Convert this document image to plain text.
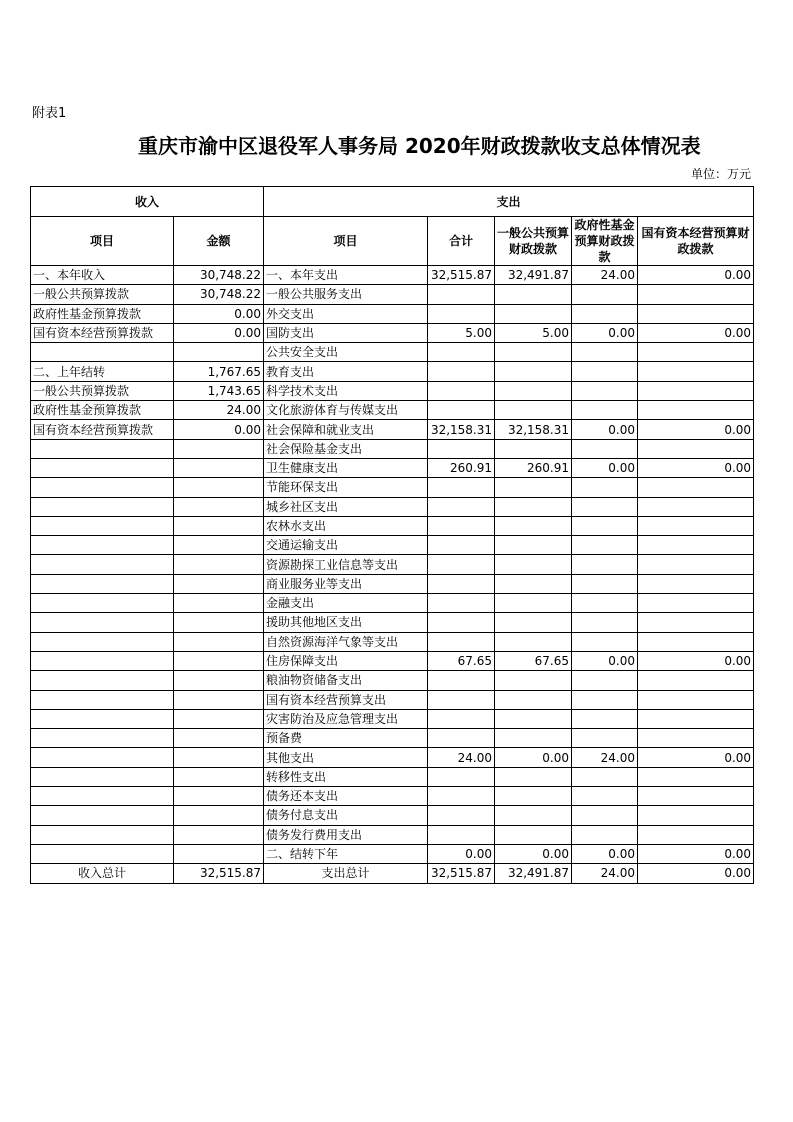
附表1
重庆市渝中区退役军人事务局 2020年财政拨款收支总体情况表
单位：万元
收入		支出				
项目	金额	项目	合计	一般公共预算财政拨款	政府性基金预算财政拨款	国有资本经营预算财政拨款
一、本年收入	30,748.22	一、本年支出	32,515.87	32,491.87	24.00	0.00
一般公共预算拨款	30,748.22	一般公共服务支出				
政府性基金预算拨款	0.00	外交支出				
国有资本经营预算拨款	0.00	国防支出	5.00	5.00	0.00	0.00
		公共安全支出				
二、上年结转	1,767.65	教育支出				
一般公共预算拨款	1,743.65	科学技术支出				
政府性基金预算拨款	24.00	文化旅游体育与传媒支出				
国有资本经营预算拨款	0.00	社会保障和就业支出	32,158.31	32,158.31	0.00	0.00
		社会保险基金支出				
		卫生健康支出	260.91	260.91	0.00	0.00
		节能环保支出				
		城乡社区支出				
		农林水支出				
		交通运输支出				
		资源勘探工业信息等支出				
		商业服务业等支出				
		金融支出				
		援助其他地区支出				
		自然资源海洋气象等支出				
		住房保障支出	67.65	67.65	0.00	0.00
		粮油物资储备支出				
		国有资本经营预算支出				
		灾害防治及应急管理支出				
		预备费				
		其他支出	24.00	0.00	24.00	0.00
		转移性支出				
		债务还本支出				
		债务付息支出				
		债务发行费用支出				
		二、结转下年	0.00	0.00	0.00	0.00
收入总计	32,515.87	支出总计	32,515.87	32,491.87	24.00	0.00
